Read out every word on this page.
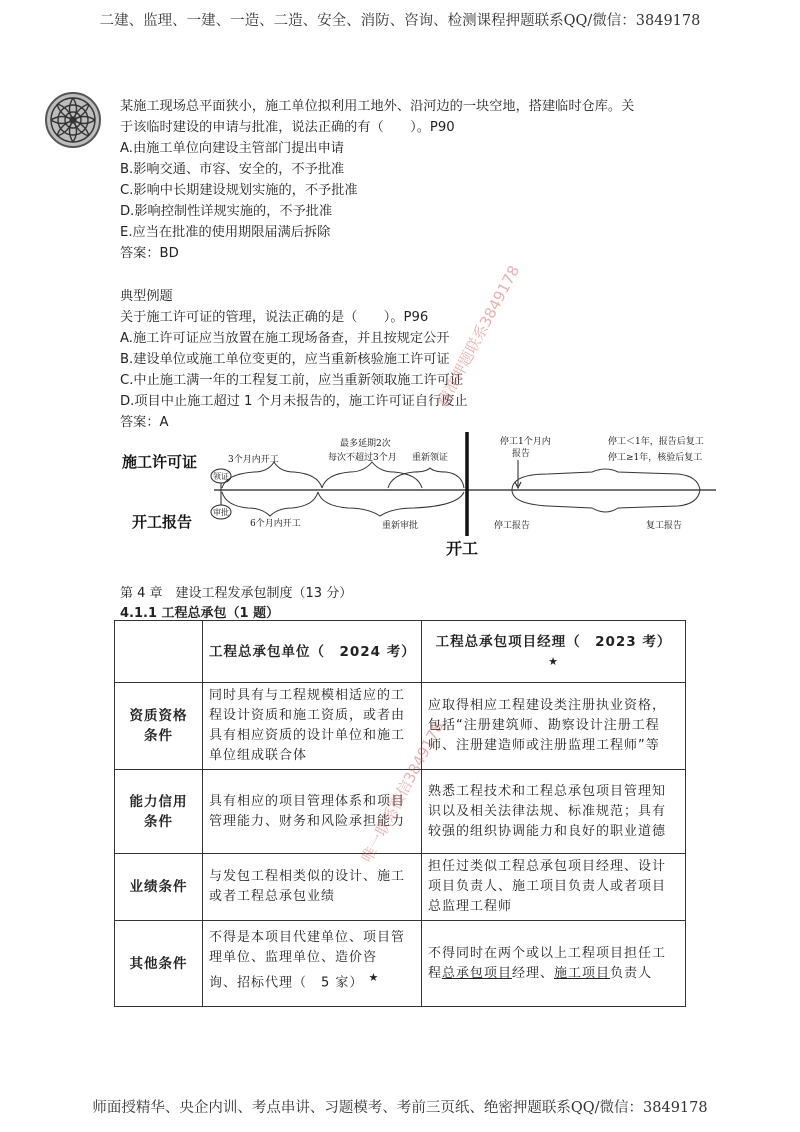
二建、监理、一建、一造、二造、安全、消防、咨询、检测课程押题联系QQ/微信：3849178
某施工现场总平面狭小，施工单位拟利用工地外、沿河边的一块空地，搭建临时仓库。关
于该临时建设的申请与批准，说法正确的有（　　）。P90
A.由施工单位向建设主管部门提出申请
B.影响交通、市容、安全的，不予批准
C.影响中长期建设规划实施的，不予批准
D.影响控制性详规实施的，不予批准
E.应当在批准的使用期限届满后拆除
答案：BD
典型例题
关于施工许可证的管理，说法正确的是（　　）。P96
A.施工许可证应当放置在施工现场备查，并且按规定公开
B.建设单位或施工单位变更的，应当重新核验施工许可证
C.中止施工满一年的工程复工前，应当重新领取施工许可证
D.项目中止施工超过 1 个月未报告的，施工许可证自行废止
答案：A
施工许可证
开工报告
领证
审批
3个月内开工
最多延期2次
每次不超过3个月 重新领证
6个月内开工	重新审批
开工
停工1个月内
报告
停工＜1年，报告后复工
停工≥1年，核验后复工
停工报告	复工报告
第 4 章　建设工程发承包制度（13 分）
4.1.1 工程总承包（1 题）
	工程总承包单位（　2024 考）	工程总承包项目经理（　2023 考）
★

资质资格
条件	同时具有与工程规模相适应的工程设计资质和施工资质，或者由具有相应资质的设计单位和施工单位组成联合体	应取得相应工程建设类注册执业资格，包括“注册建筑师、勘察设计注册工程师、注册建造师或注册监理工程师”等

能力信用
条件	具有相应的项目管理体系和项目管理能力、财务和风险承担能力	熟悉工程技术和工程总承包项目管理知识以及相关法律法规、标准规范；具有较强的组织协调能力和良好的职业道德
业绩条件	与发包工程相类似的设计、施工或者工程总承包业绩	担任过类似工程总承包项目经理、设计项目负责人、施工项目负责人或者项目总监理工程师
其他条件	不得是本项目代建单位、项目管理单位、监理单位、造价咨
询、招标代理（　5 家） ★	不得同时在两个或以上工程项目担任工程总承包项目经理、施工项目负责人
精准押题联系3849178
唯一联系微信3849178
师面授精华、央企内训、考点串讲、习题模考、考前三页纸、绝密押题联系QQ/微信：3849178
